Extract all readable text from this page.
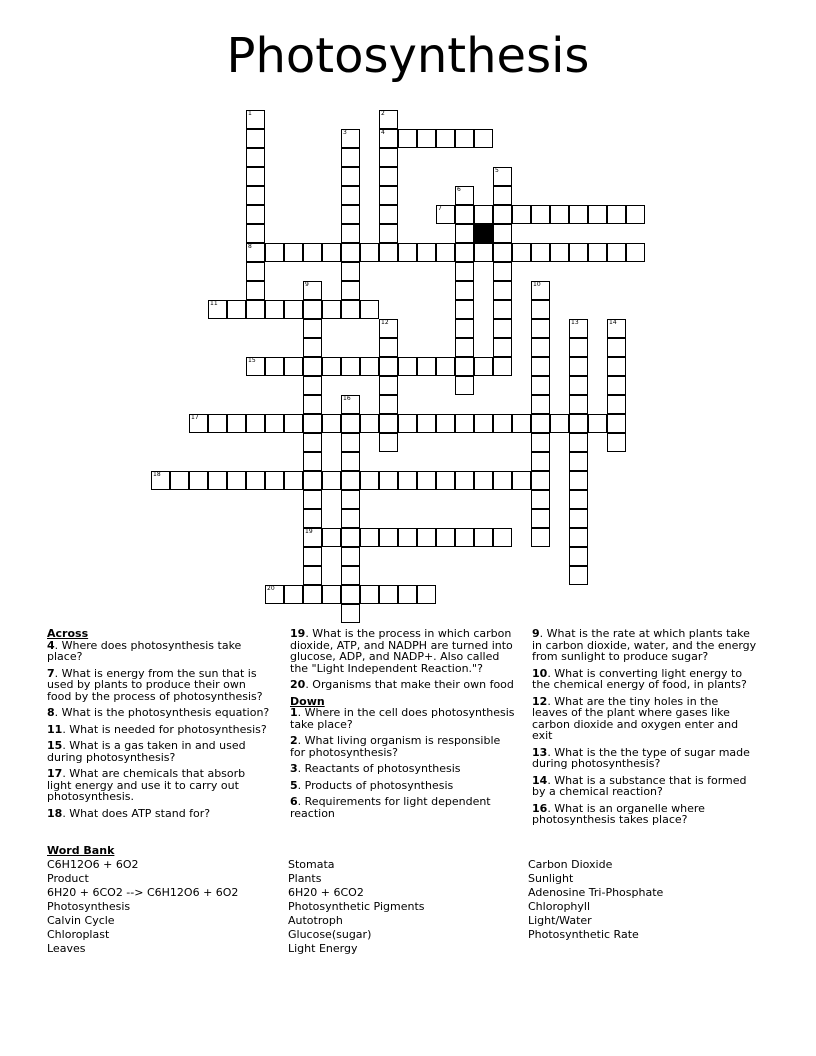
Photosynthesis
4
7
8
11
15
17
18
19
20
1	2
3
5
6
9	10
12	13	14
16

Across

4. Where does photosynthesis take place?

7. What is energy from the sun that is used by plants to produce their own food by the process of photosynthesis?

8. What is the photosynthesis equation?

11. What is needed for photosynthesis?

15. What is a gas taken in and used during photosynthesis?

17. What are chemicals that absorb light energy and use it to carry out photosynthesis.

18. What does ATP stand for?

19. What is the process in which carbon dioxide, ATP, and NADPH are turned into glucose, ADP, and NADP+. Also called the "Light Independent Reaction."?

20. Organisms that make their own food

Down

1. Where in the cell does photosynthesis take place?

2. What living organism is responsible for photosynthesis?

3. Reactants of photosynthesis

5. Products of photosynthesis

6. Requirements for light dependent reaction

9. What is the rate at which plants take in carbon dioxide, water, and the energy from sunlight to produce sugar?

10. What is converting light energy to the chemical energy of food, in plants?

12. What are the tiny holes in the leaves of the plant where gases like carbon dioxide and oxygen enter and exit

13. What is the the type of sugar made during photosynthesis?

14. What is a substance that is formed by a chemical reaction?

16. What is an organelle where photosynthesis takes place?

Word Bank
C6H12O6 + 6O2
Product
6H20 + 6CO2 --> C6H12O6 + 6O2
Photosynthesis
Calvin Cycle
Chloroplast
Leaves
Stomata
Plants
6H20 + 6CO2
Photosynthetic Pigments
Autotroph
Glucose(sugar)
Light Energy
Carbon Dioxide
Sunlight
Adenosine Tri-Phosphate
Chlorophyll
Light/Water
Photosynthetic Rate
